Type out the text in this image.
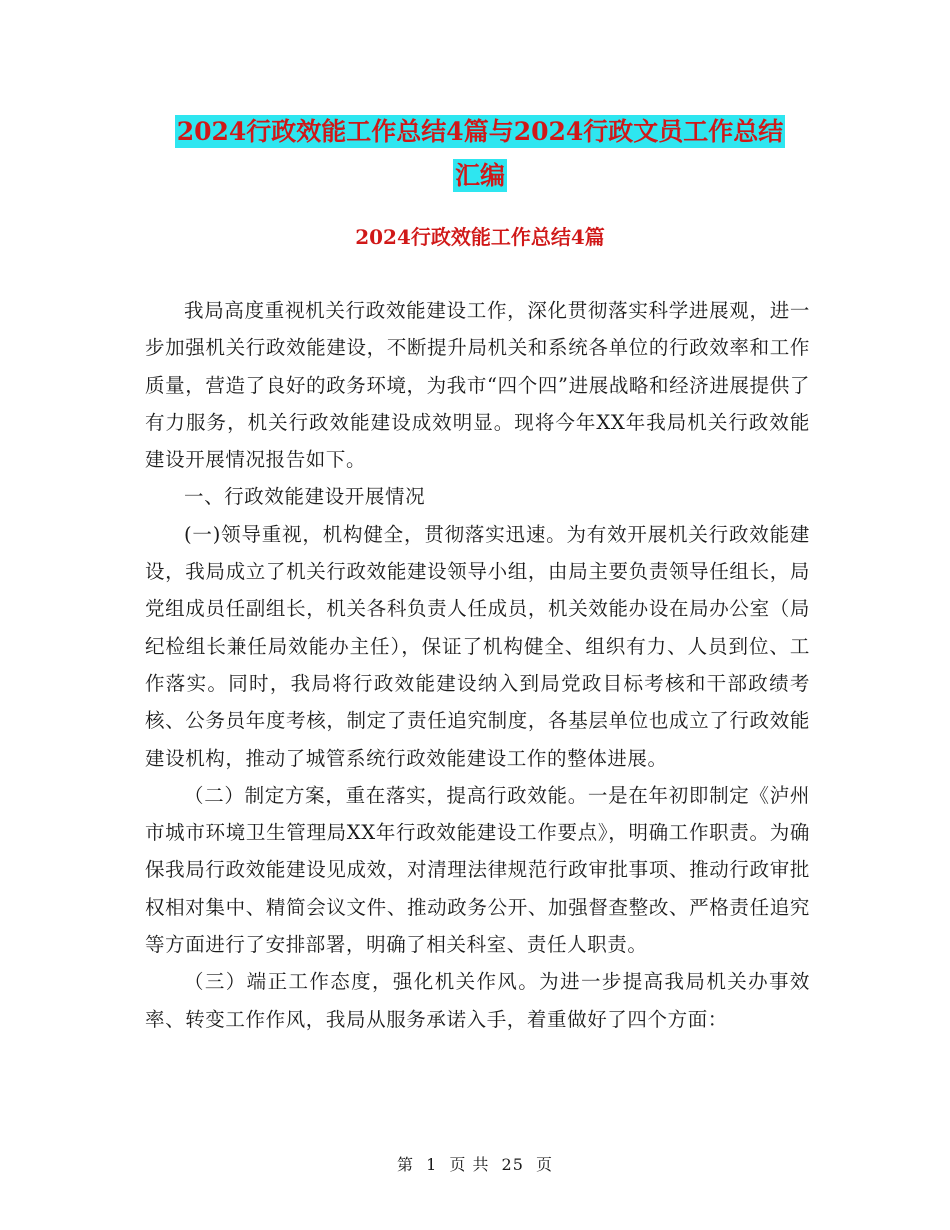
2024行政效能工作总结4篇与2024行政文员工作总结
汇编
2024行政效能工作总结4篇

我局高度重视机关行政效能建设工作，深化贯彻落实科学进展观，进一步加强机关行政效能建设，不断提升局机关和系统各单位的行政效率和工作质量，营造了良好的政务环境，为我市“四个四”进展战略和经济进展提供了有力服务，机关行政效能建设成效明显。现将今年XX年我局机关行政效能建设开展情况报告如下。

一、行政效能建设开展情况

(一)领导重视，机构健全，贯彻落实迅速。为有效开展机关行政效能建设，我局成立了机关行政效能建设领导小组，由局主要负责领导任组长，局党组成员任副组长，机关各科负责人任成员，机关效能办设在局办公室（局纪检组长兼任局效能办主任），保证了机构健全、组织有力、人员到位、工作落实。同时，我局将行政效能建设纳入到局党政目标考核和干部政绩考核、公务员年度考核，制定了责任追究制度，各基层单位也成立了行政效能建设机构，推动了城管系统行政效能建设工作的整体进展。

（二）制定方案，重在落实，提高行政效能。一是在年初即制定《泸州市城市环境卫生管理局XX年行政效能建设工作要点》，明确工作职责。为确保我局行政效能建设见成效，对清理法律规范行政审批事项、推动行政审批权相对集中、精简会议文件、推动政务公开、加强督查整改、严格责任追究等方面进行了安排部署，明确了相关科室、责任人职责。

（三）端正工作态度，强化机关作风。为进一步提高我局机关办事效率、转变工作作风，我局从服务承诺入手，着重做好了四个方面：

第 1 页 共 25 页
